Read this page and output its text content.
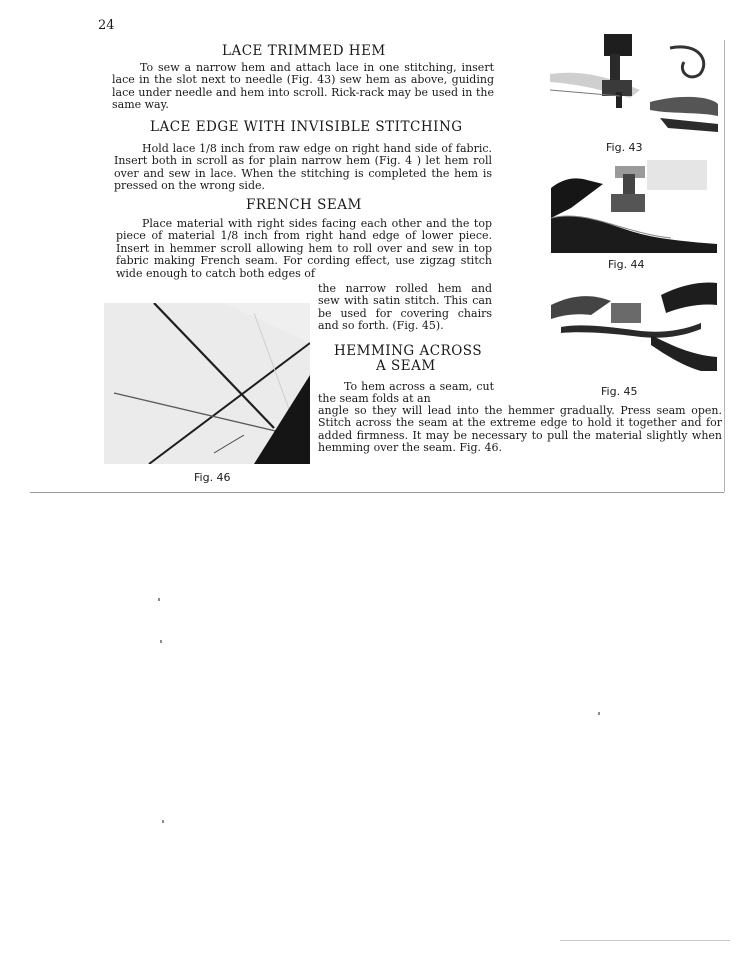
24
LACE TRIMMED HEM

To sew a narrow hem and attach lace in one stitching, insert lace in the slot next to needle (Fig. 43) sew hem as above, guiding lace under needle and hem into scroll. Rick-rack may be used in the same way.

LACE EDGE WITH INVISIBLE STITCHING

Hold lace 1/8 inch from raw edge on right hand side of fabric. Insert both in scroll as for plain narrow hem (Fig. 4 ) let hem roll over and sew in lace. When the stitching is completed the hem is pressed on the wrong side.

FRENCH SEAM

Place material with right sides facing each other and the top piece of material 1/8 inch from right hand edge of lower piece. Insert in hemmer scroll allowing hem to roll over and sew in top fabric making French seam. For cording effect, use zigzag stitch wide enough to catch both edges of

the narrow rolled hem and sew with satin stitch. This can be used for covering chairs and so forth. (Fig. 45).

HEMMING ACROSS
A SEAM

To hem across a seam, cut the seam folds at an

angle so they will lead into the hemmer gradually. Press seam open. Stitch across the seam at the extreme edge to hold it together and for added firmness. It may be necessary to pull the material slightly when hemming over the seam. Fig. 46.

Fig. 43
Fig. 44
Fig. 45
Fig. 46
